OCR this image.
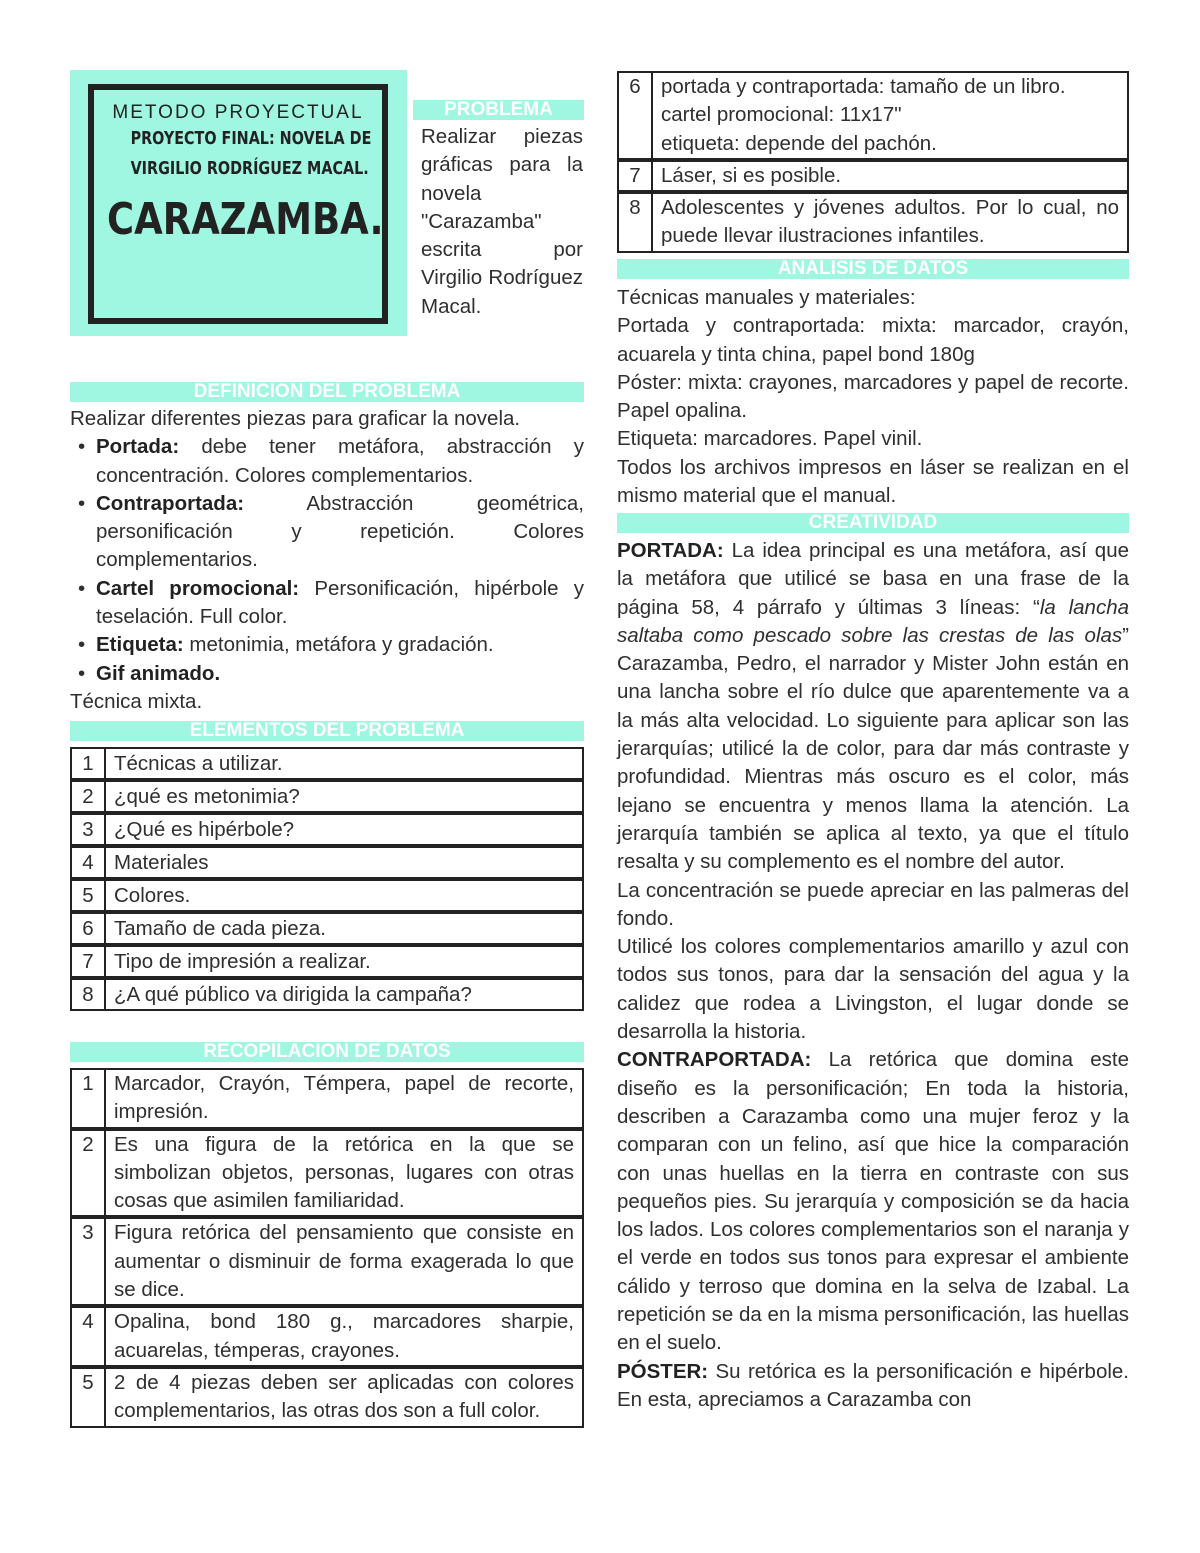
METODO PROYECTUAL
PROYECTO FINAL: NOVELA DE
VIRGILIO RODRÍGUEZ MACAL.
CARAZAMBA.
PROBLEMA
Realizar piezas gráficas para la novela "Carazamba" escrita por Virgilio Rodríguez Macal.
DEFINICION DEL PROBLEMA
Realizar diferentes piezas para graficar la novela.
• Portada: debe tener metáfora, abstracción y concentración. Colores complementarios.
• Contraportada: Abstracción geométrica, personificación y repetición. Colores complementarios.
• Cartel promocional: Personificación, hipérbole y teselación. Full color.
• Etiqueta: metonimia, metáfora y gradación.
• Gif animado.
Técnica mixta.
ELEMENTOS DEL PROBLEMA
1	Técnicas a utilizar.
2	¿qué es metonimia?
3	¿Qué es hipérbole?
4	Materiales
5	Colores.
6	Tamaño de cada pieza.
7	Tipo de impresión a realizar.
8	¿A qué público va dirigida la campaña?
RECOPILACION DE DATOS
1	Marcador, Crayón, Témpera, papel de recorte, impresión.
2	Es una figura de la retórica en la que se simbolizan objetos, personas, lugares con otras cosas que asimilen familiaridad.
3	Figura retórica del pensamiento que consiste en aumentar o disminuir de forma exagerada lo que se dice.
4	Opalina, bond 180 g., marcadores sharpie, acuarelas, témperas, crayones.
5	2 de 4 piezas deben ser aplicadas con colores complementarios, las otras dos son a full color.
6	portada y contraportada: tamaño de un libro.
cartel promocional: 11x17"
etiqueta: depende del pachón.

7	Láser, si es posible.

8	Adolescentes y jóvenes adultos. Por lo cual, no puede llevar ilustraciones infantiles.
ANÁLISIS DE DATOS
Técnicas manuales y materiales:
Portada y contraportada: mixta: marcador, crayón, acuarela y tinta china, papel bond 180g
Póster: mixta: crayones, marcadores y papel de recorte. Papel opalina.
Etiqueta: marcadores. Papel vinil.
Todos los archivos impresos en láser se realizan en el mismo material que el manual.
CREATIVIDAD
PORTADA: La idea principal es una metáfora, así que la metáfora que utilicé se basa en una frase de la página 58, 4 párrafo y últimas 3 líneas: “la lancha saltaba como pescado sobre las crestas de las olas” Carazamba, Pedro, el narrador y Mister John están en una lancha sobre el río dulce que aparentemente va a la más alta velocidad. Lo siguiente para aplicar son las jerarquías; utilicé la de color, para dar más contraste y profundidad. Mientras más oscuro es el color, más lejano se encuentra y menos llama la atención. La jerarquía también se aplica al texto, ya que el título resalta y su complemento es el nombre del autor.
La concentración se puede apreciar en las palmeras del fondo.
Utilicé los colores complementarios amarillo y azul con todos sus tonos, para dar la sensación del agua y la calidez que rodea a Livingston, el lugar donde se desarrolla la historia.
CONTRAPORTADA: La retórica que domina este diseño es la personificación; En toda la historia, describen a Carazamba como una mujer feroz y la comparan con un felino, así que hice la comparación con unas huellas en la tierra en contraste con sus pequeños pies. Su jerarquía y composición se da hacia los lados. Los colores complementarios son el naranja y el verde en todos sus tonos para expresar el ambiente cálido y terroso que domina en la selva de Izabal. La repetición se da en la misma personificación, las huellas en el suelo.
PÓSTER: Su retórica es la personificación e hipérbole. En esta, apreciamos a Carazamba con
